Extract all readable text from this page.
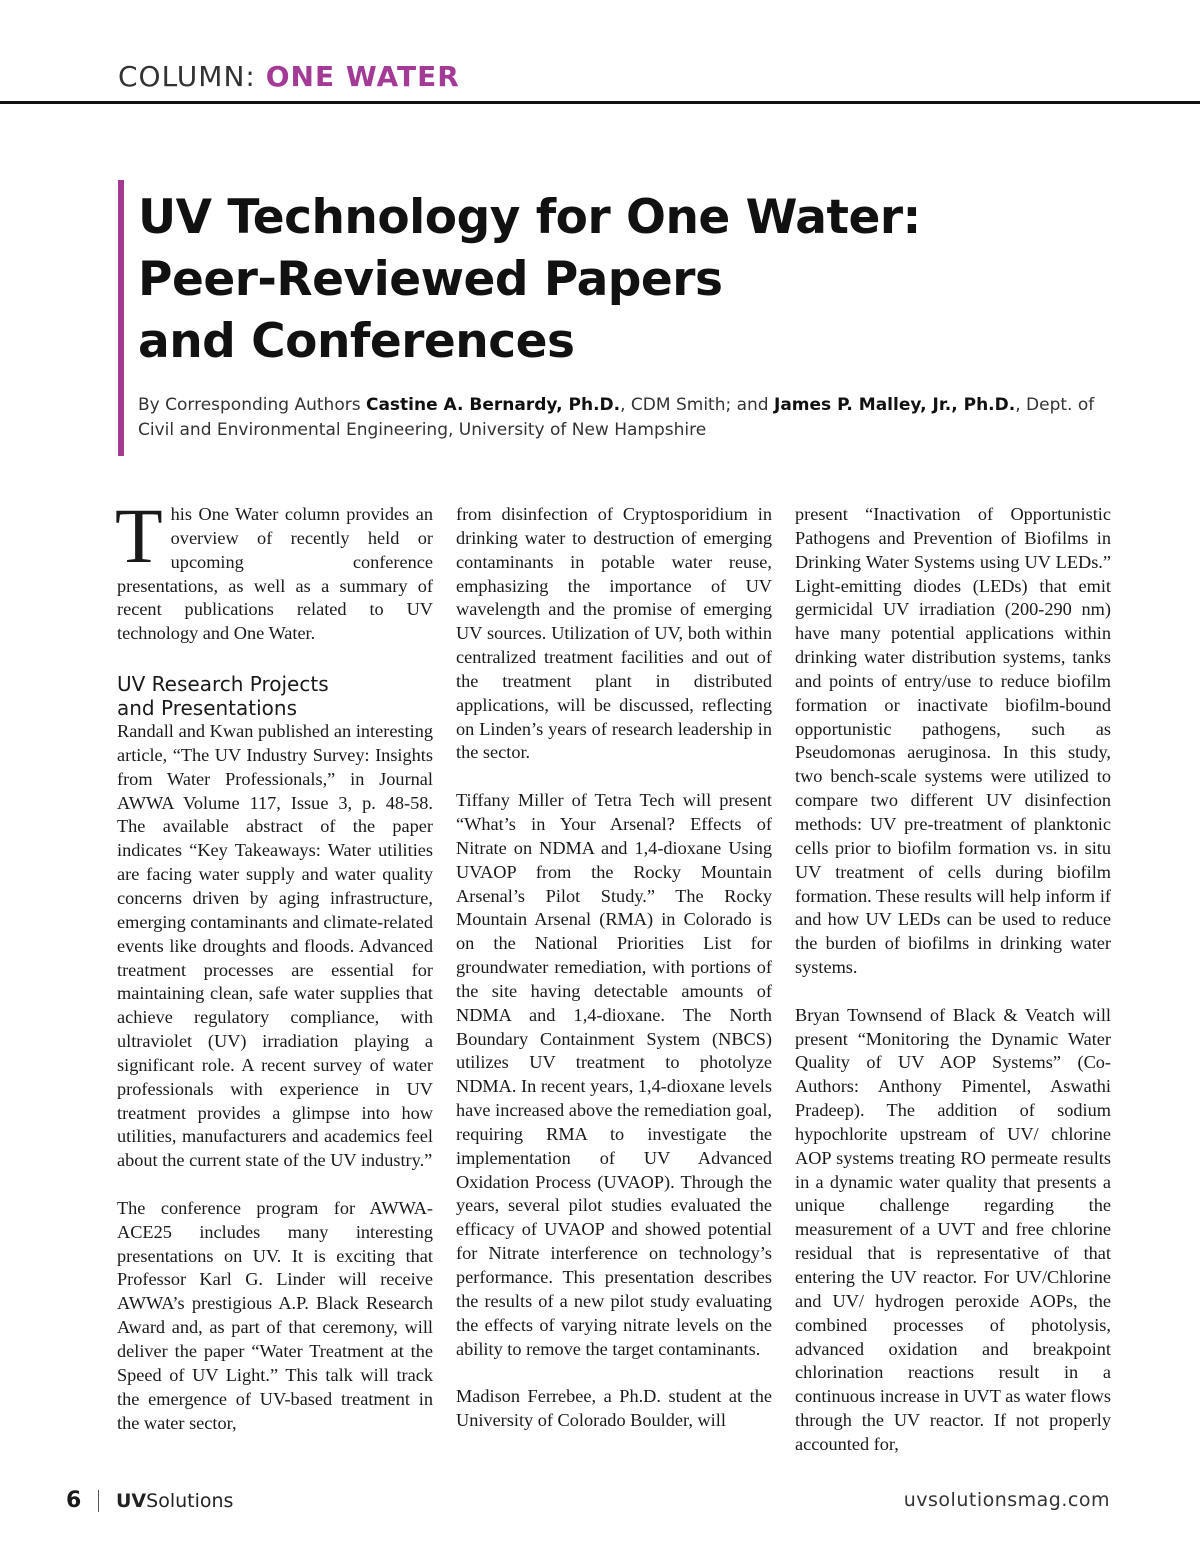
COLUMN: ONE WATER
UV Technology for One Water:
Peer-Reviewed Papers
and Conferences
By Corresponding Authors Castine A. Bernardy, Ph.D., CDM Smith; and James P. Malley, Jr., Ph.D., Dept. of Civil and Environmental Engineering, University of New Hampshire

This One Water column provides an overview of recently held or upcoming conference presentations, as well as a summary of recent publications related to UV technology and One Water.

UV Research Projects
and Presentations

Randall and Kwan published an interesting article, “The UV Industry Survey: Insights from Water Professionals,” in Journal AWWA Volume 117, Issue 3, p. 48-58. The available abstract of the paper indicates “Key Takeaways: Water utilities are facing water supply and water quality concerns driven by aging infrastructure, emerging contaminants and climate-related events like droughts and floods. Advanced treatment processes are essential for maintaining clean, safe water supplies that achieve regulatory compliance, with ultraviolet (UV) irradiation playing a significant role. A recent survey of water professionals with experience in UV treatment provides a glimpse into how utilities, manufacturers and academics feel about the current state of the UV industry.”

The conference program for AWWA-ACE25 includes many interesting presentations on UV. It is exciting that Professor Karl G. Linder will receive AWWA’s prestigious A.P. Black Research Award and, as part of that ceremony, will deliver the paper “Water Treatment at the Speed of UV Light.” This talk will track the emergence of UV-based treatment in the water sector,

from disinfection of Cryptosporidium in drinking water to destruction of emerging contaminants in potable water reuse, emphasizing the importance of UV wavelength and the promise of emerging UV sources. Utilization of UV, both within centralized treatment facilities and out of the treatment plant in distributed applications, will be discussed, reflecting on Linden’s years of research leadership in the sector.

Tiffany Miller of Tetra Tech will present “What’s in Your Arsenal? Effects of Nitrate on NDMA and 1,4-dioxane Using UVAOP from the Rocky Mountain Arsenal’s Pilot Study.” The Rocky Mountain Arsenal (RMA) in Colorado is on the National Priorities List for groundwater remediation, with portions of the site having detectable amounts of NDMA and 1,4-dioxane. The North Boundary Containment System (NBCS) utilizes UV treatment to photolyze NDMA. In recent years, 1,4-dioxane levels have increased above the remediation goal, requiring RMA to investigate the implementation of UV Advanced Oxidation Process (UVAOP). Through the years, several pilot studies evaluated the efficacy of UVAOP and showed potential for Nitrate interference on technology’s performance. This presentation describes the results of a new pilot study evaluating the effects of varying nitrate levels on the ability to remove the target contaminants.

Madison Ferrebee, a Ph.D. student at the University of Colorado Boulder, will

present “Inactivation of Opportunistic Pathogens and Prevention of Biofilms in Drinking Water Systems using UV LEDs.” Light-emitting diodes (LEDs) that emit germicidal UV irradiation (200-290 nm) have many potential applications within drinking water distribution systems, tanks and points of entry/use to reduce biofilm formation or inactivate biofilm-bound opportunistic pathogens, such as Pseudomonas aeruginosa. In this study, two bench-scale systems were utilized to compare two different UV disinfection methods: UV pre-treatment of planktonic cells prior to biofilm formation vs. in situ UV treatment of cells during biofilm formation. These results will help inform if and how UV LEDs can be used to reduce the burden of biofilms in drinking water systems.

Bryan Townsend of Black & Veatch will present “Monitoring the Dynamic Water Quality of UV AOP Systems” (Co-Authors: Anthony Pimentel, Aswathi Pradeep). The addition of sodium hypochlorite upstream of UV/ chlorine AOP systems treating RO permeate results in a dynamic water quality that presents a unique challenge regarding the measurement of a UVT and free chlorine residual that is representative of that entering the UV reactor. For UV/Chlorine and UV/ hydrogen peroxide AOPs, the combined processes of photolysis, advanced oxidation and breakpoint chlorination reactions result in a continuous increase in UVT as water flows through the UV reactor. If not properly accounted for,

6 UVSolutions	uvsolutionsmag.com
